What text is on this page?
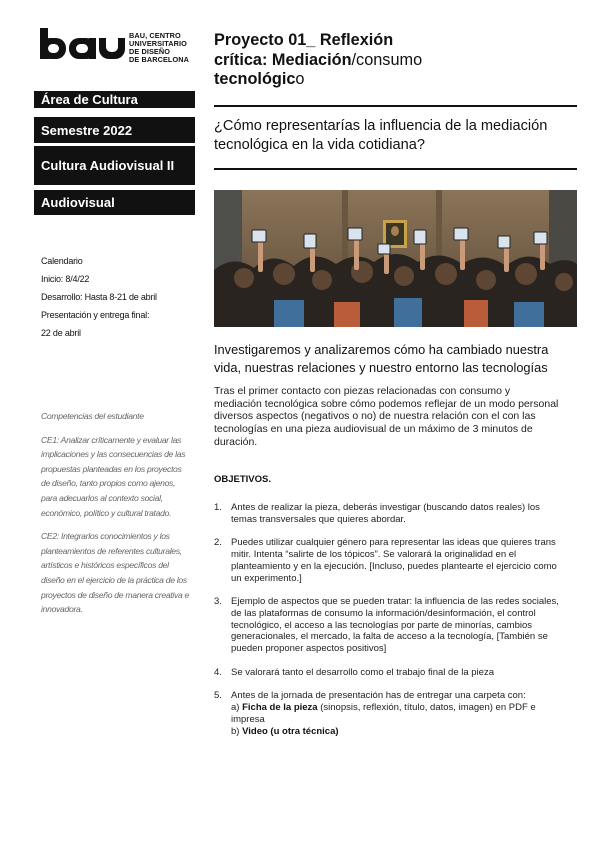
BAU, CENTRO
UNIVERSITARIO
DE DISEÑO
DE BARCELONA
Área de Cultura
Semestre 2022
Cultura Audiovisual II
Audiovisual

Calendario

Inicio: 8/4/22

Desarrollo: Hasta 8-21 de abril

Presentación y entrega final:

22 de abril

Competencias del estudiante

CE1: Analizar críticamente y evaluar las implicaciones y las consecuencias de las propuestas planteadas en los proyectos de diseño, tanto propios como ajenos, para adecuarlos al contexto social, económico, político y cultural tratado.

CE2: Integrarlos conocimientos y los planteamientos de referentes culturales, artísticos e históricos específicos del diseño en el ejercicio de la práctica de los proyectos de diseño de manera creativa e innovadora.

Proyecto 01_ Reflexión
crítica: Mediación/consumo
tecnológico
¿Cómo representarías la influencia de la mediación tecnológica en la vida cotidiana?
Investigaremos y analizaremos cómo ha cambiado nuestra vida, nuestras relaciones y nuestro entorno las tecnologías
Tras el primer contacto con piezas relacionadas con consumo y mediación tecnológica sobre cómo podemos reflejar de un modo personal diversos aspectos (negativos o no) de nuestra relación con el con las tecnologías en una pieza audiovisual de un máximo de 3 minutos de duración.
OBJETIVOS.
1. Antes de realizar la pieza, deberás investigar (buscando datos reales) los temas transversales que quieres abordar.
2. Puedes utilizar cualquier género para representar las ideas que quieres trans mitir. Intenta “salirte de los tópicos”. Se valorará la originalidad en el planteamiento y en la ejecución. [Incluso, puedes plantearte el ejercicio como un experimento.]
3. Ejemplo de aspectos que se pueden tratar: la influencia de las redes sociales, de las plataformas de consumo la información/desinformación, el control tecnológico, el acceso a las tecnologías por parte de minorías, cambios generacionales, el mercado, la falta de acceso a la tecnología, [También se pueden proponer aspectos positivos]
4. Se valorará tanto el desarrollo como el trabajo final de la pieza
5. Antes de la jornada de presentación has de entregar una carpeta con:
a) Ficha de la pieza (sinopsis, reflexión, título, datos, imagen) en PDF e impresa
b) Video (u otra técnica)
